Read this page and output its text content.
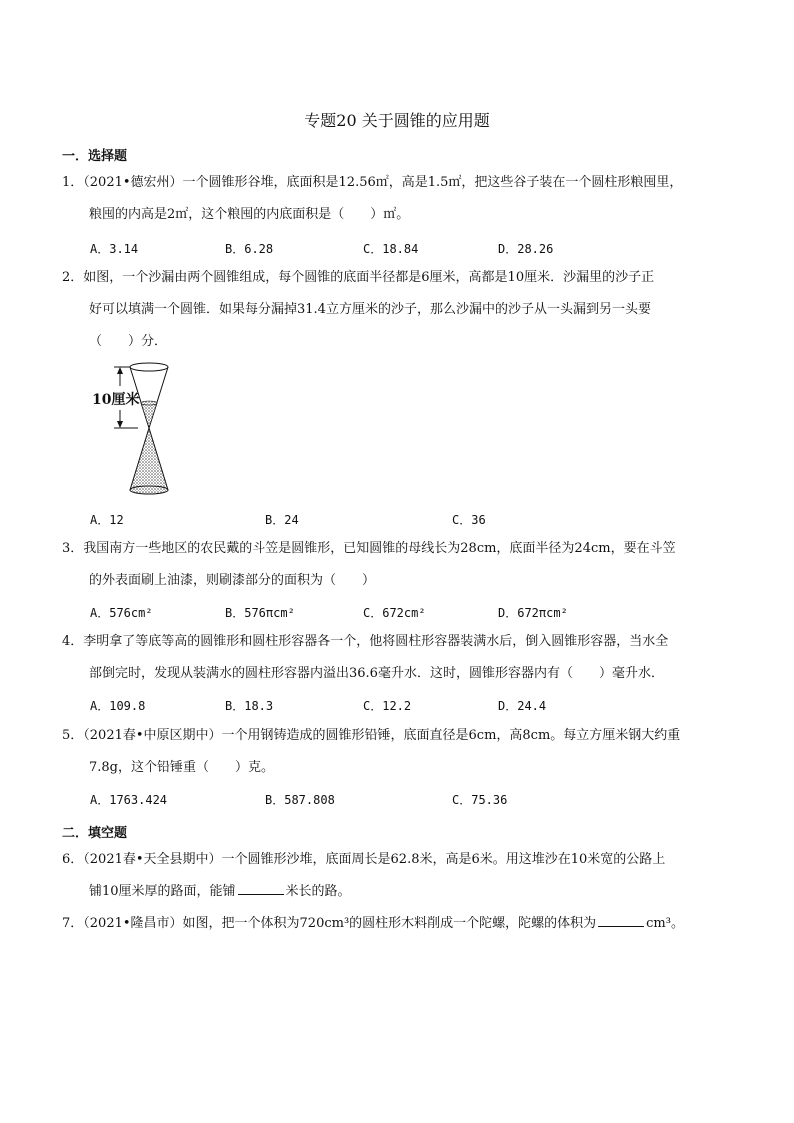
专题20 关于圆锥的应用题
一．选择题
1．（2021•德宏州）一个圆锥形谷堆，底面积是12.56㎡，高是1.5㎡，把这些谷子装在一个圆柱形粮囤里，
粮囤的内高是2㎡，这个粮囤的内底面积是（　　）㎡。
A．3.14	B．6.28	C．18.84	D．28.26
2．如图，一个沙漏由两个圆锥组成，每个圆锥的底面半径都是6厘米，高都是10厘米．沙漏里的沙子正
好可以填满一个圆锥．如果每分漏掉31.4立方厘米的沙子，那么沙漏中的沙子从一头漏到另一头要
（　　）分．
10厘米
A．12	B．24	C．36
3．我国南方一些地区的农民戴的斗笠是圆锥形，已知圆锥的母线长为28cm，底面半径为24cm，要在斗笠
的外表面刷上油漆，则刷漆部分的面积为（　　）
A．576cm²	B．576πcm²	C．672cm²	D．672πcm²
4．李明拿了等底等高的圆锥形和圆柱形容器各一个，他将圆柱形容器装满水后，倒入圆锥形容器，当水全
部倒完时，发现从装满水的圆柱形容器内溢出36.6毫升水．这时，圆锥形容器内有（　　）毫升水．
A．109.8	B．18.3	C．12.2	D．24.4
5．（2021春•中原区期中）一个用钢铸造成的圆锥形铅锤，底面直径是6cm，高8cm。每立方厘米钢大约重
7.8g，这个铅锤重（　　）克。
A．1763.424	B．587.808	C．75.36
二．填空题
6．（2021春•天全县期中）一个圆锥形沙堆，底面周长是62.8米，高是6米。用这堆沙在10米宽的公路上
铺10厘米厚的路面，能铺	米长的路。
7．（2021•隆昌市）如图，把一个体积为720cm³的圆柱形木料削成一个陀螺，陀螺的体积为	cm³。
